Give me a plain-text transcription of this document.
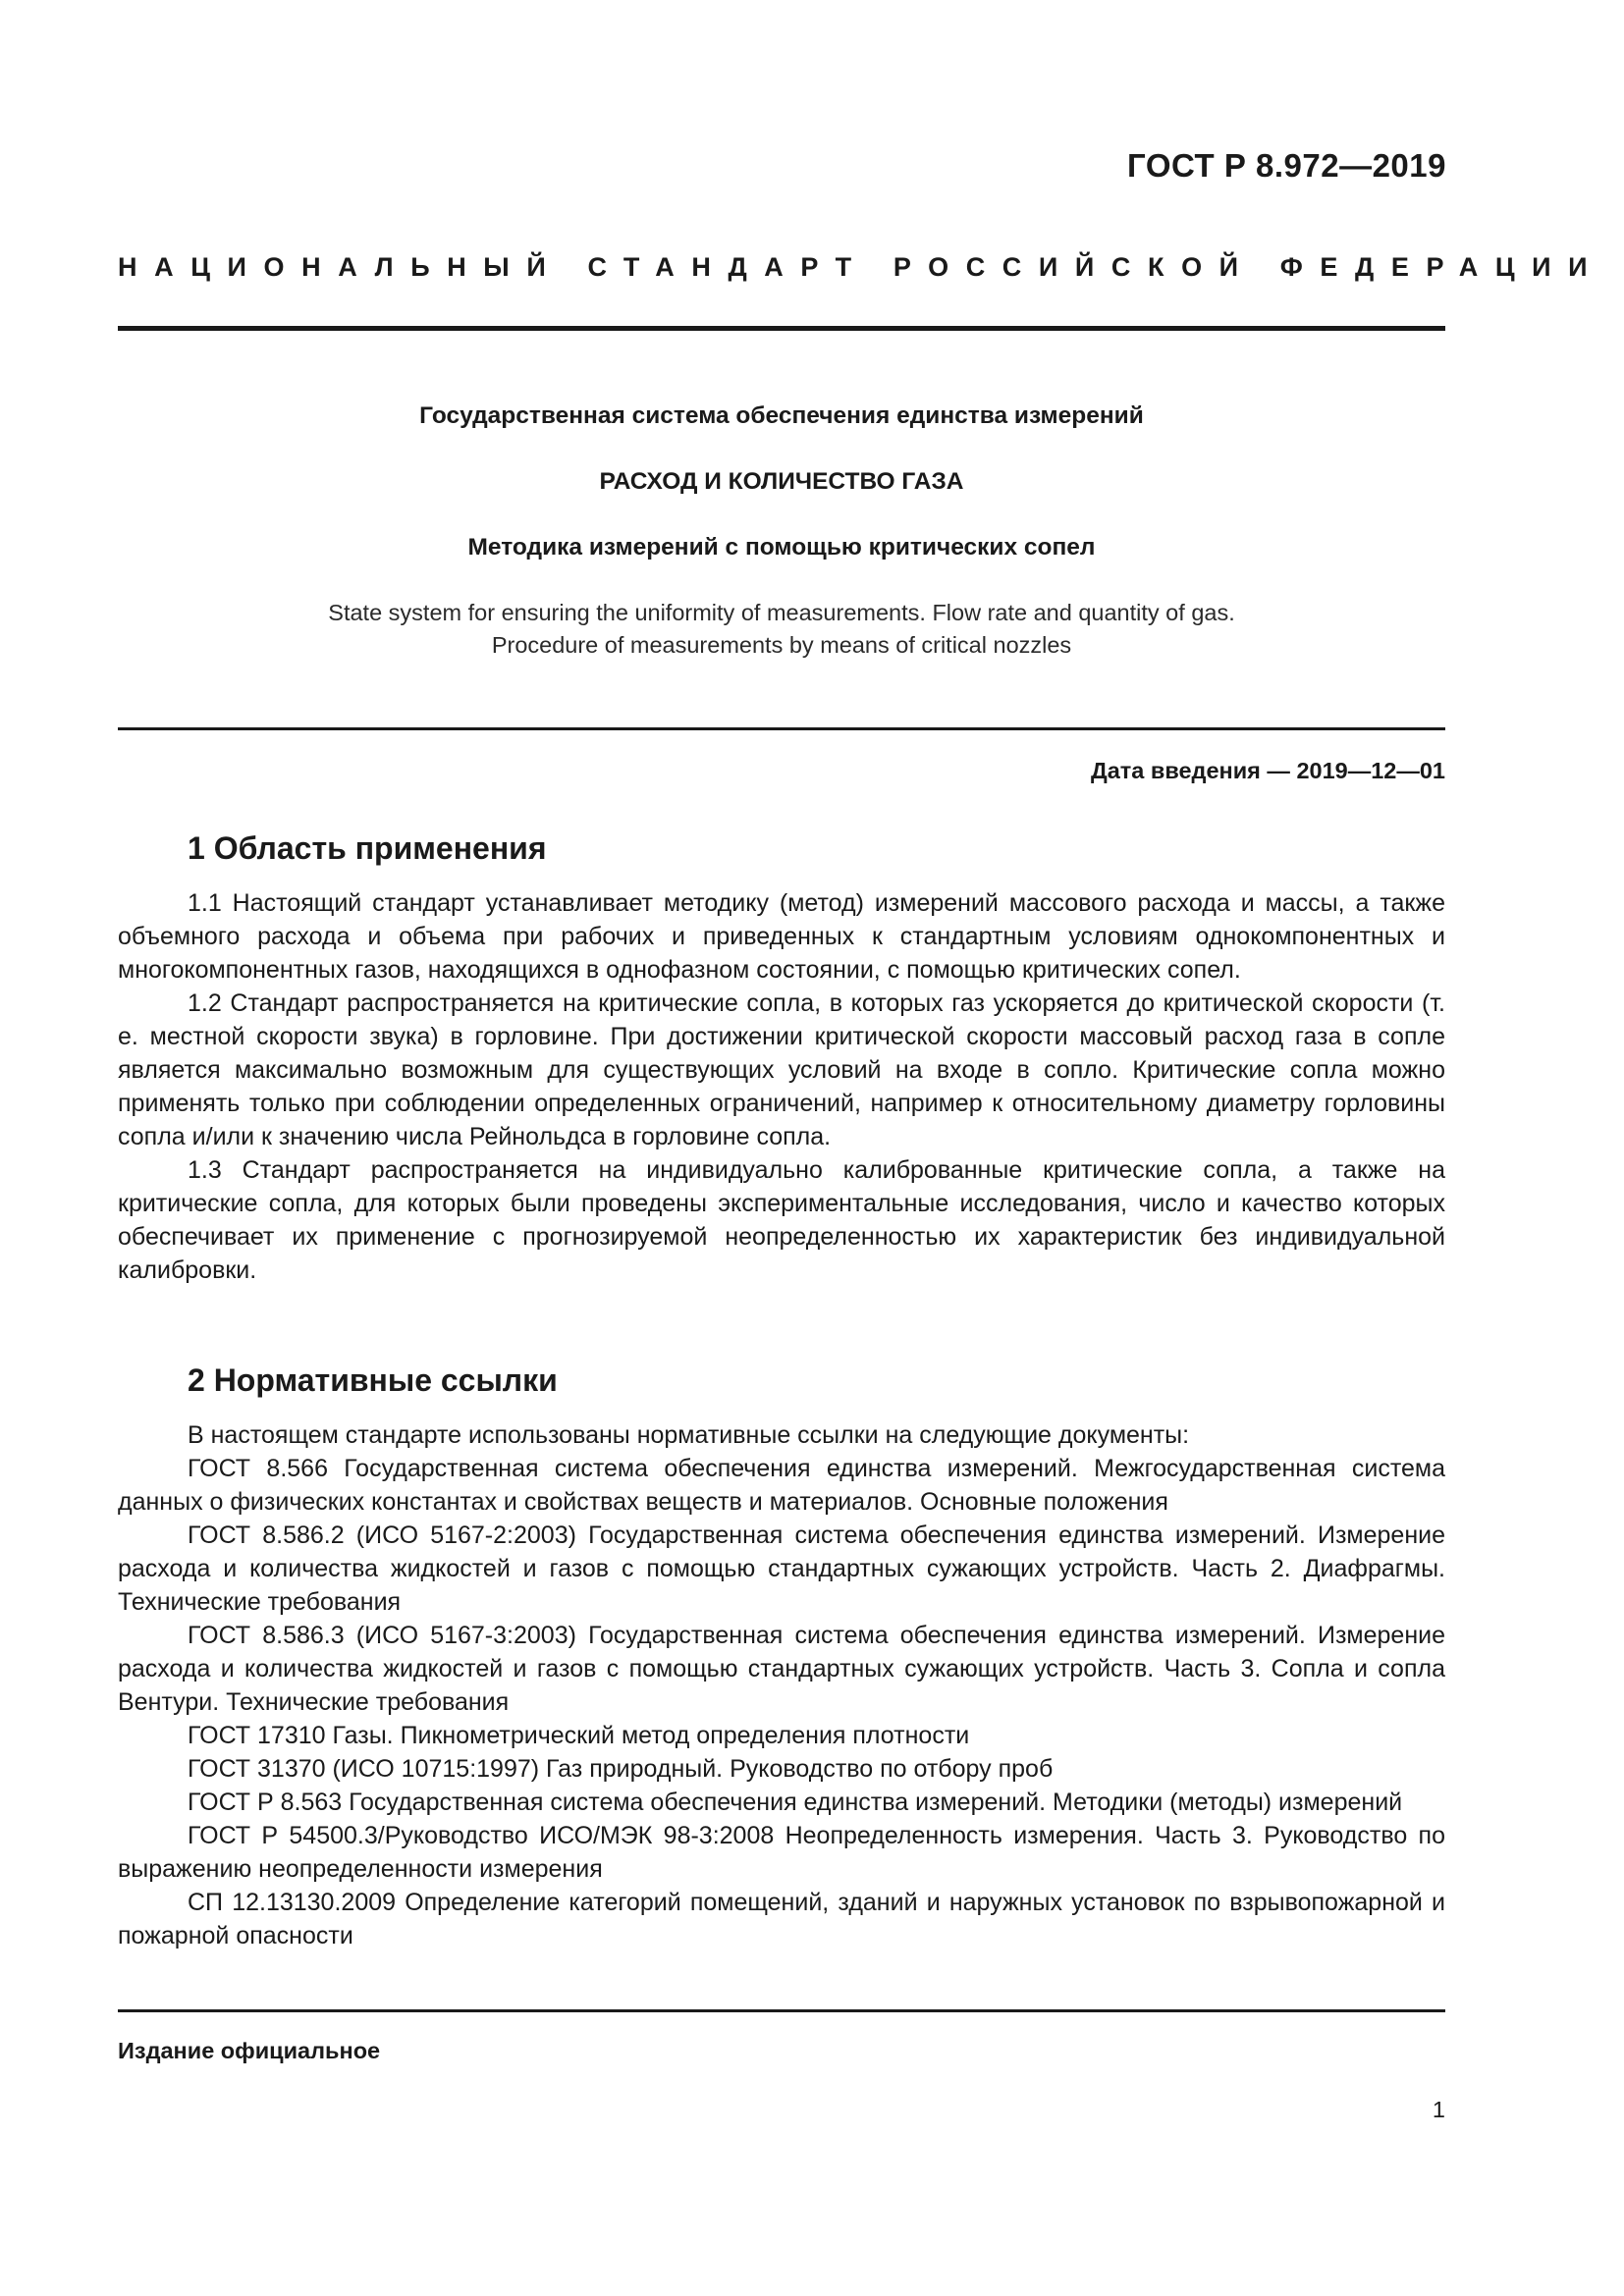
ГОСТ Р 8.972—2019
НАЦИОНАЛЬНЫЙ СТАНДАРТ РОССИЙСКОЙ ФЕДЕРАЦИИ
Государственная система обеспечения единства измерений
РАСХОД И КОЛИЧЕСТВО ГАЗА
Методика измерений с помощью критических сопел
State system for ensuring the uniformity of measurements. Flow rate and quantity of gas.
Procedure of measurements by means of critical nozzles
Дата введения — 2019—12—01
1 Область применения

1.1 Настоящий стандарт устанавливает методику (метод) измерений массового расхода и массы, а также объемного расхода и объема при рабочих и приведенных к стандартным условиям однокомпонентных и многокомпонентных газов, находящихся в однофазном состоянии, с помощью критических сопел.

1.2 Стандарт распространяется на критические сопла, в которых газ ускоряется до критической скорости (т. е. местной скорости звука) в горловине. При достижении критической скорости массовый расход газа в сопле является максимально возможным для существующих условий на входе в сопло. Критические сопла можно применять только при соблюдении определенных ограничений, например к относительному диаметру горловины сопла и/или к значению числа Рейнольдса в горловине сопла.

1.3 Стандарт распространяется на индивидуально калиброванные критические сопла, а также на критические сопла, для которых были проведены экспериментальные исследования, число и качество которых обеспечивает их применение с прогнозируемой неопределенностью их характеристик без индивидуальной калибровки.

2 Нормативные ссылки

В настоящем стандарте использованы нормативные ссылки на следующие документы:

ГОСТ 8.566 Государственная система обеспечения единства измерений. Межгосударственная система данных о физических константах и свойствах веществ и материалов. Основные положения

ГОСТ 8.586.2 (ИСО 5167-2:2003) Государственная система обеспечения единства измерений. Измерение расхода и количества жидкостей и газов с помощью стандартных сужающих устройств. Часть 2. Диафрагмы. Технические требования

ГОСТ 8.586.3 (ИСО 5167-3:2003) Государственная система обеспечения единства измерений. Измерение расхода и количества жидкостей и газов с помощью стандартных сужающих устройств. Часть 3. Сопла и сопла Вентури. Технические требования

ГОСТ 17310 Газы. Пикнометрический метод определения плотности

ГОСТ 31370 (ИСО 10715:1997) Газ природный. Руководство по отбору проб

ГОСТ Р 8.563 Государственная система обеспечения единства измерений. Методики (методы) измерений

ГОСТ Р 54500.3/Руководство ИСО/МЭК 98-3:2008 Неопределенность измерения. Часть 3. Руководство по выражению неопределенности измерения

СП 12.13130.2009 Определение категорий помещений, зданий и наружных установок по взрывопожарной и пожарной опасности

Издание официальное
1
